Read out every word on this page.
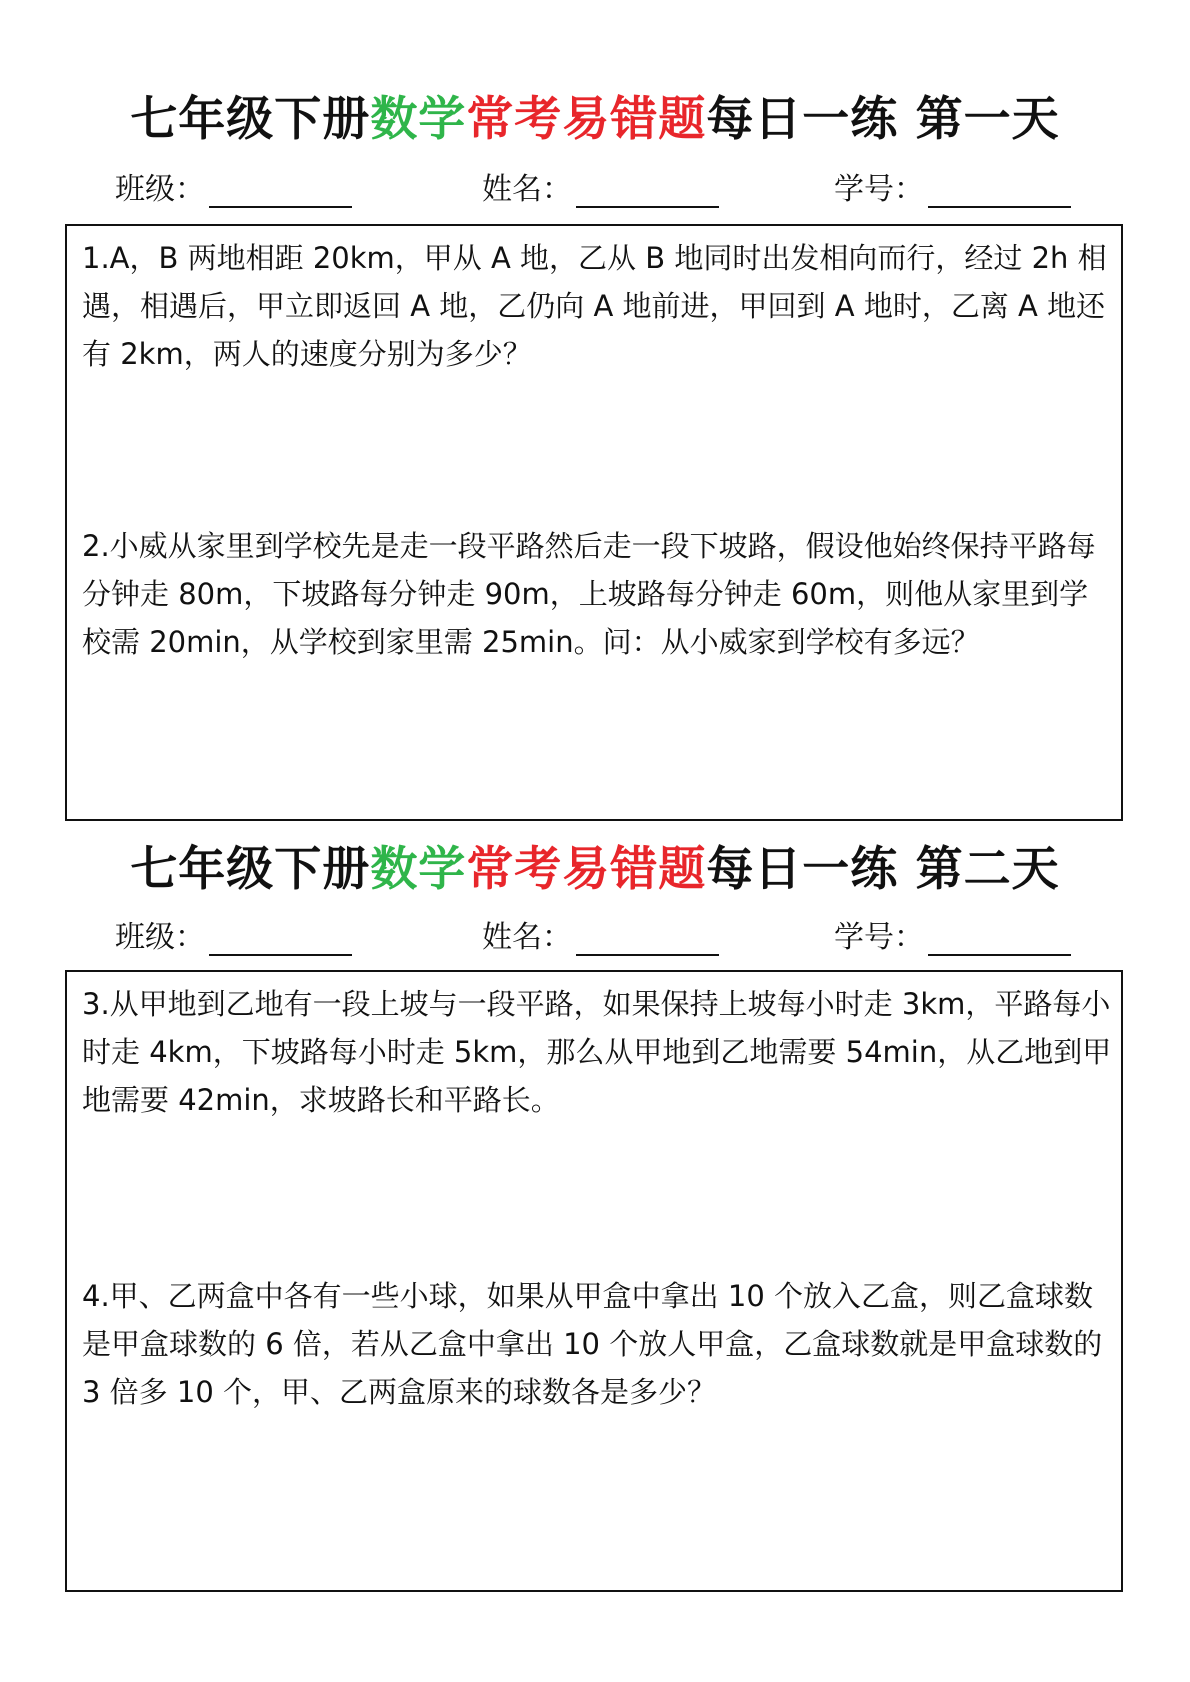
七年级下册数学常考易错题每日一练 第一天
班级：	姓名：	学号：
1.A，B 两地相距 20km，甲从 A 地，乙从 B 地同时出发相向而行，经过 2h 相遇，相遇后，甲立即返回 A 地，乙仍向 A 地前进，甲回到 A 地时，乙离 A 地还有 2km，两人的速度分别为多少？
2.小威从家里到学校先是走一段平路然后走一段下坡路，假设他始终保持平路每分钟走 80m，下坡路每分钟走 90m，上坡路每分钟走 60m，则他从家里到学校需 20min，从学校到家里需 25min。问：从小威家到学校有多远？
七年级下册数学常考易错题每日一练 第二天
班级：	姓名：	学号：
3.从甲地到乙地有一段上坡与一段平路，如果保持上坡每小时走 3km，平路每小时走 4km，下坡路每小时走 5km，那么从甲地到乙地需要 54min，从乙地到甲地需要 42min，求坡路长和平路长。
4.甲、乙两盒中各有一些小球，如果从甲盒中拿出 10 个放入乙盒，则乙盒球数是甲盒球数的 6 倍，若从乙盒中拿出 10 个放人甲盒，乙盒球数就是甲盒球数的 3 倍多 10 个，甲、乙两盒原来的球数各是多少？
